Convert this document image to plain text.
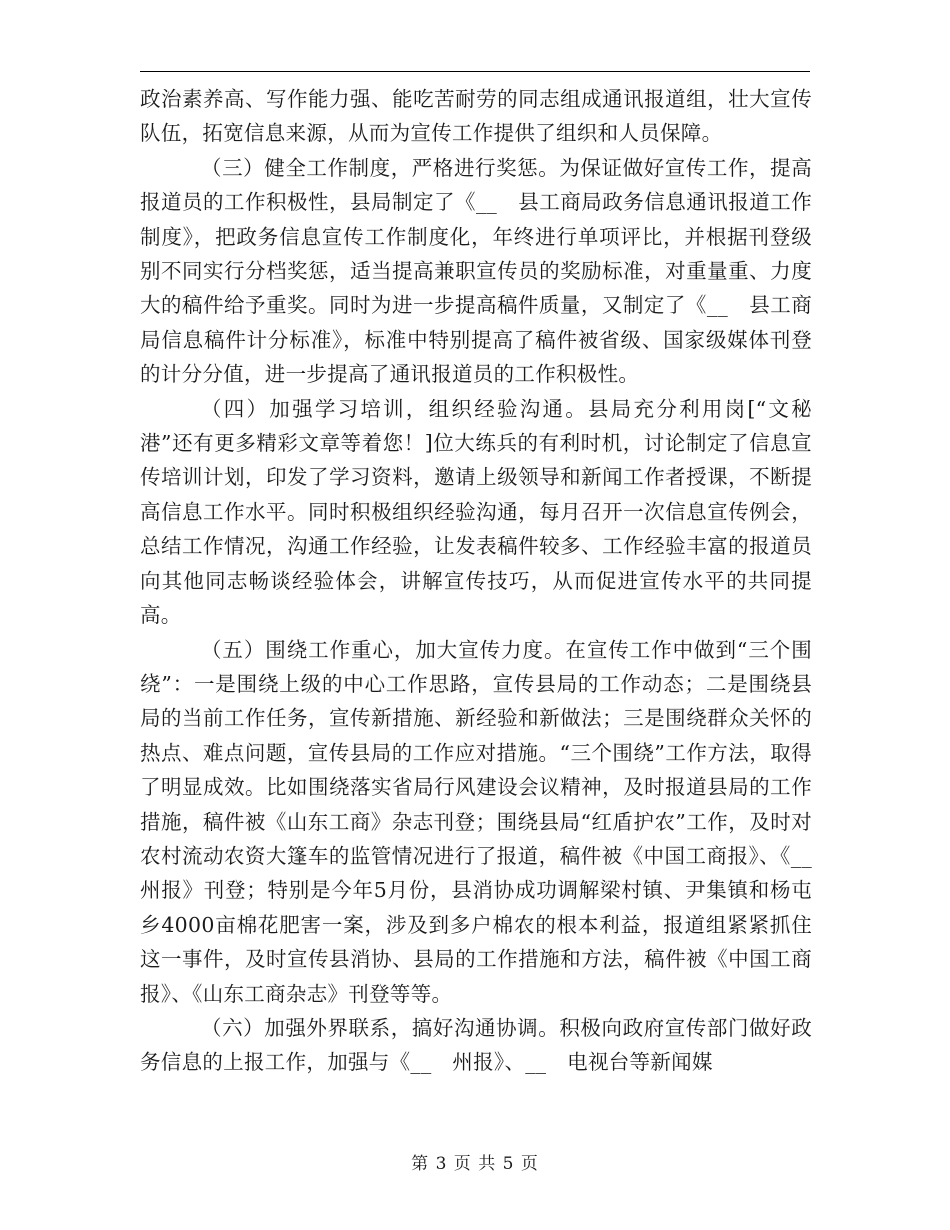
政治素养高、写作能力强、能吃苦耐劳的同志组成通讯报道组，壮大宣传队伍，拓宽信息来源，从而为宣传工作提供了组织和人员保障。

（三）健全工作制度，严格进行奖惩。为保证做好宣传工作，提高报道员的工作积极性，县局制定了《__　县工商局政务信息通讯报道工作制度》，把政务信息宣传工作制度化，年终进行单项评比，并根据刊登级别不同实行分档奖惩，适当提高兼职宣传员的奖励标准，对重量重、力度大的稿件给予重奖。同时为进一步提高稿件质量，又制定了《__　县工商局信息稿件计分标准》，标准中特别提高了稿件被省级、国家级媒体刊登的计分分值，进一步提高了通讯报道员的工作积极性。

（四）加强学习培训，组织经验沟通。县局充分利用岗[“文秘 港”还有更多精彩文章等着您！]位大练兵的有利时机，讨论制定了信息宣传培训计划，印发了学习资料，邀请上级领导和新闻工作者授课，不断提高信息工作水平。同时积极组织经验沟通，每月召开一次信息宣传例会，总结工作情况，沟通工作经验，让发表稿件较多、工作经验丰富的报道员向其他同志畅谈经验体会，讲解宣传技巧，从而促进宣传水平的共同提高。

（五）围绕工作重心，加大宣传力度。在宣传工作中做到“三个围绕”：一是围绕上级的中心工作思路，宣传县局的工作动态；二是围绕县局的当前工作任务，宣传新措施、新经验和新做法；三是围绕群众关怀的热点、难点问题，宣传县局的工作应对措施。“三个围绕”工作方法，取得了明显成效。比如围绕落实省局行风建设会议精神，及时报道县局的工作措施，稿件被《山东工商》杂志刊登；围绕县局“红盾护农”工作，及时对农村流动农资大篷车的监管情况进行了报道，稿件被《中国工商报》、《__　州报》刊登；特别是今年5月份，县消协成功调解梁村镇、尹集镇和杨屯乡4000亩棉花肥害一案，涉及到多户棉农的根本利益，报道组紧紧抓住这一事件，及时宣传县消协、县局的工作措施和方法，稿件被《中国工商报》、《山东工商杂志》刊登等等。

（六）加强外界联系，搞好沟通协调。积极向政府宣传部门做好政务信息的上报工作，加强与《__　州报》、__　电视台等新闻媒

第 3 页 共 5 页
